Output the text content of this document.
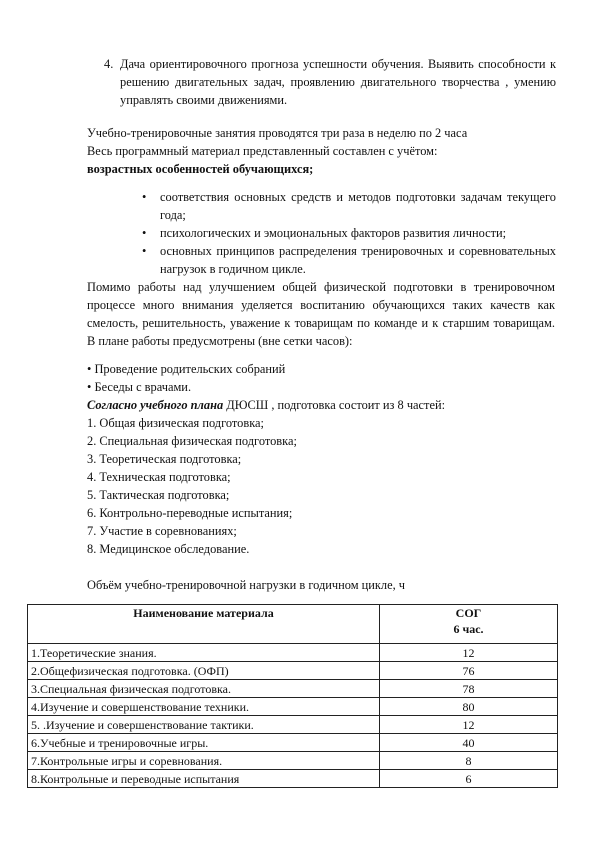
4. Дача ориентировочного прогноза успешности обучения. Выявить способности к решению двигательных задач, проявлению двигательного творчества , умению управлять своими движениями.
Учебно-тренировочные занятия проводятся три раза в неделю по 2 часа
Весь программный материал представленный составлен с учётом:
возрастных особенностей обучающихся;
•	соответствия основных средств и методов подготовки задачам текущего года;
•	психологических и эмоциональных факторов развития личности;
•	основных принципов распределения тренировочных и соревновательных нагрузок в годичном цикле.
Помимо работы над улучшением общей физической подготовки в тренировочном процессе много внимания уделяется воспитанию обучающихся таких качеств как смелость, решительность, уважение к товарищам по команде и к старшим товарищам. В плане работы предусмотрены (вне сетки часов):
• Проведение родительских собраний
• Беседы с врачами.
Согласно учебного плана ДЮСШ , подготовка состоит из 8 частей:
1. Общая физическая подготовка;
2. Специальная физическая подготовка;
3. Теоретическая подготовка;
4. Техническая подготовка;
5. Тактическая подготовка;
6. Контрольно-переводные испытания;
7. Участие в соревнованиях;
8. Медицинское обследование.
Объём учебно-тренировочной нагрузки в годичном цикле, ч
Наименование материала	СОГ
6 час.

1.Теоретические знания.	12
2.Общефизическая подготовка. (ОФП)	76
3.Специальная физическая подготовка.	78
4.Изучение и совершенствование техники.	80
5. .Изучение и совершенствование тактики.	12
6.Учебные и тренировочные игры.	40
7.Контрольные игры и соревнования.	8
8.Контрольные и переводные испытания	6
